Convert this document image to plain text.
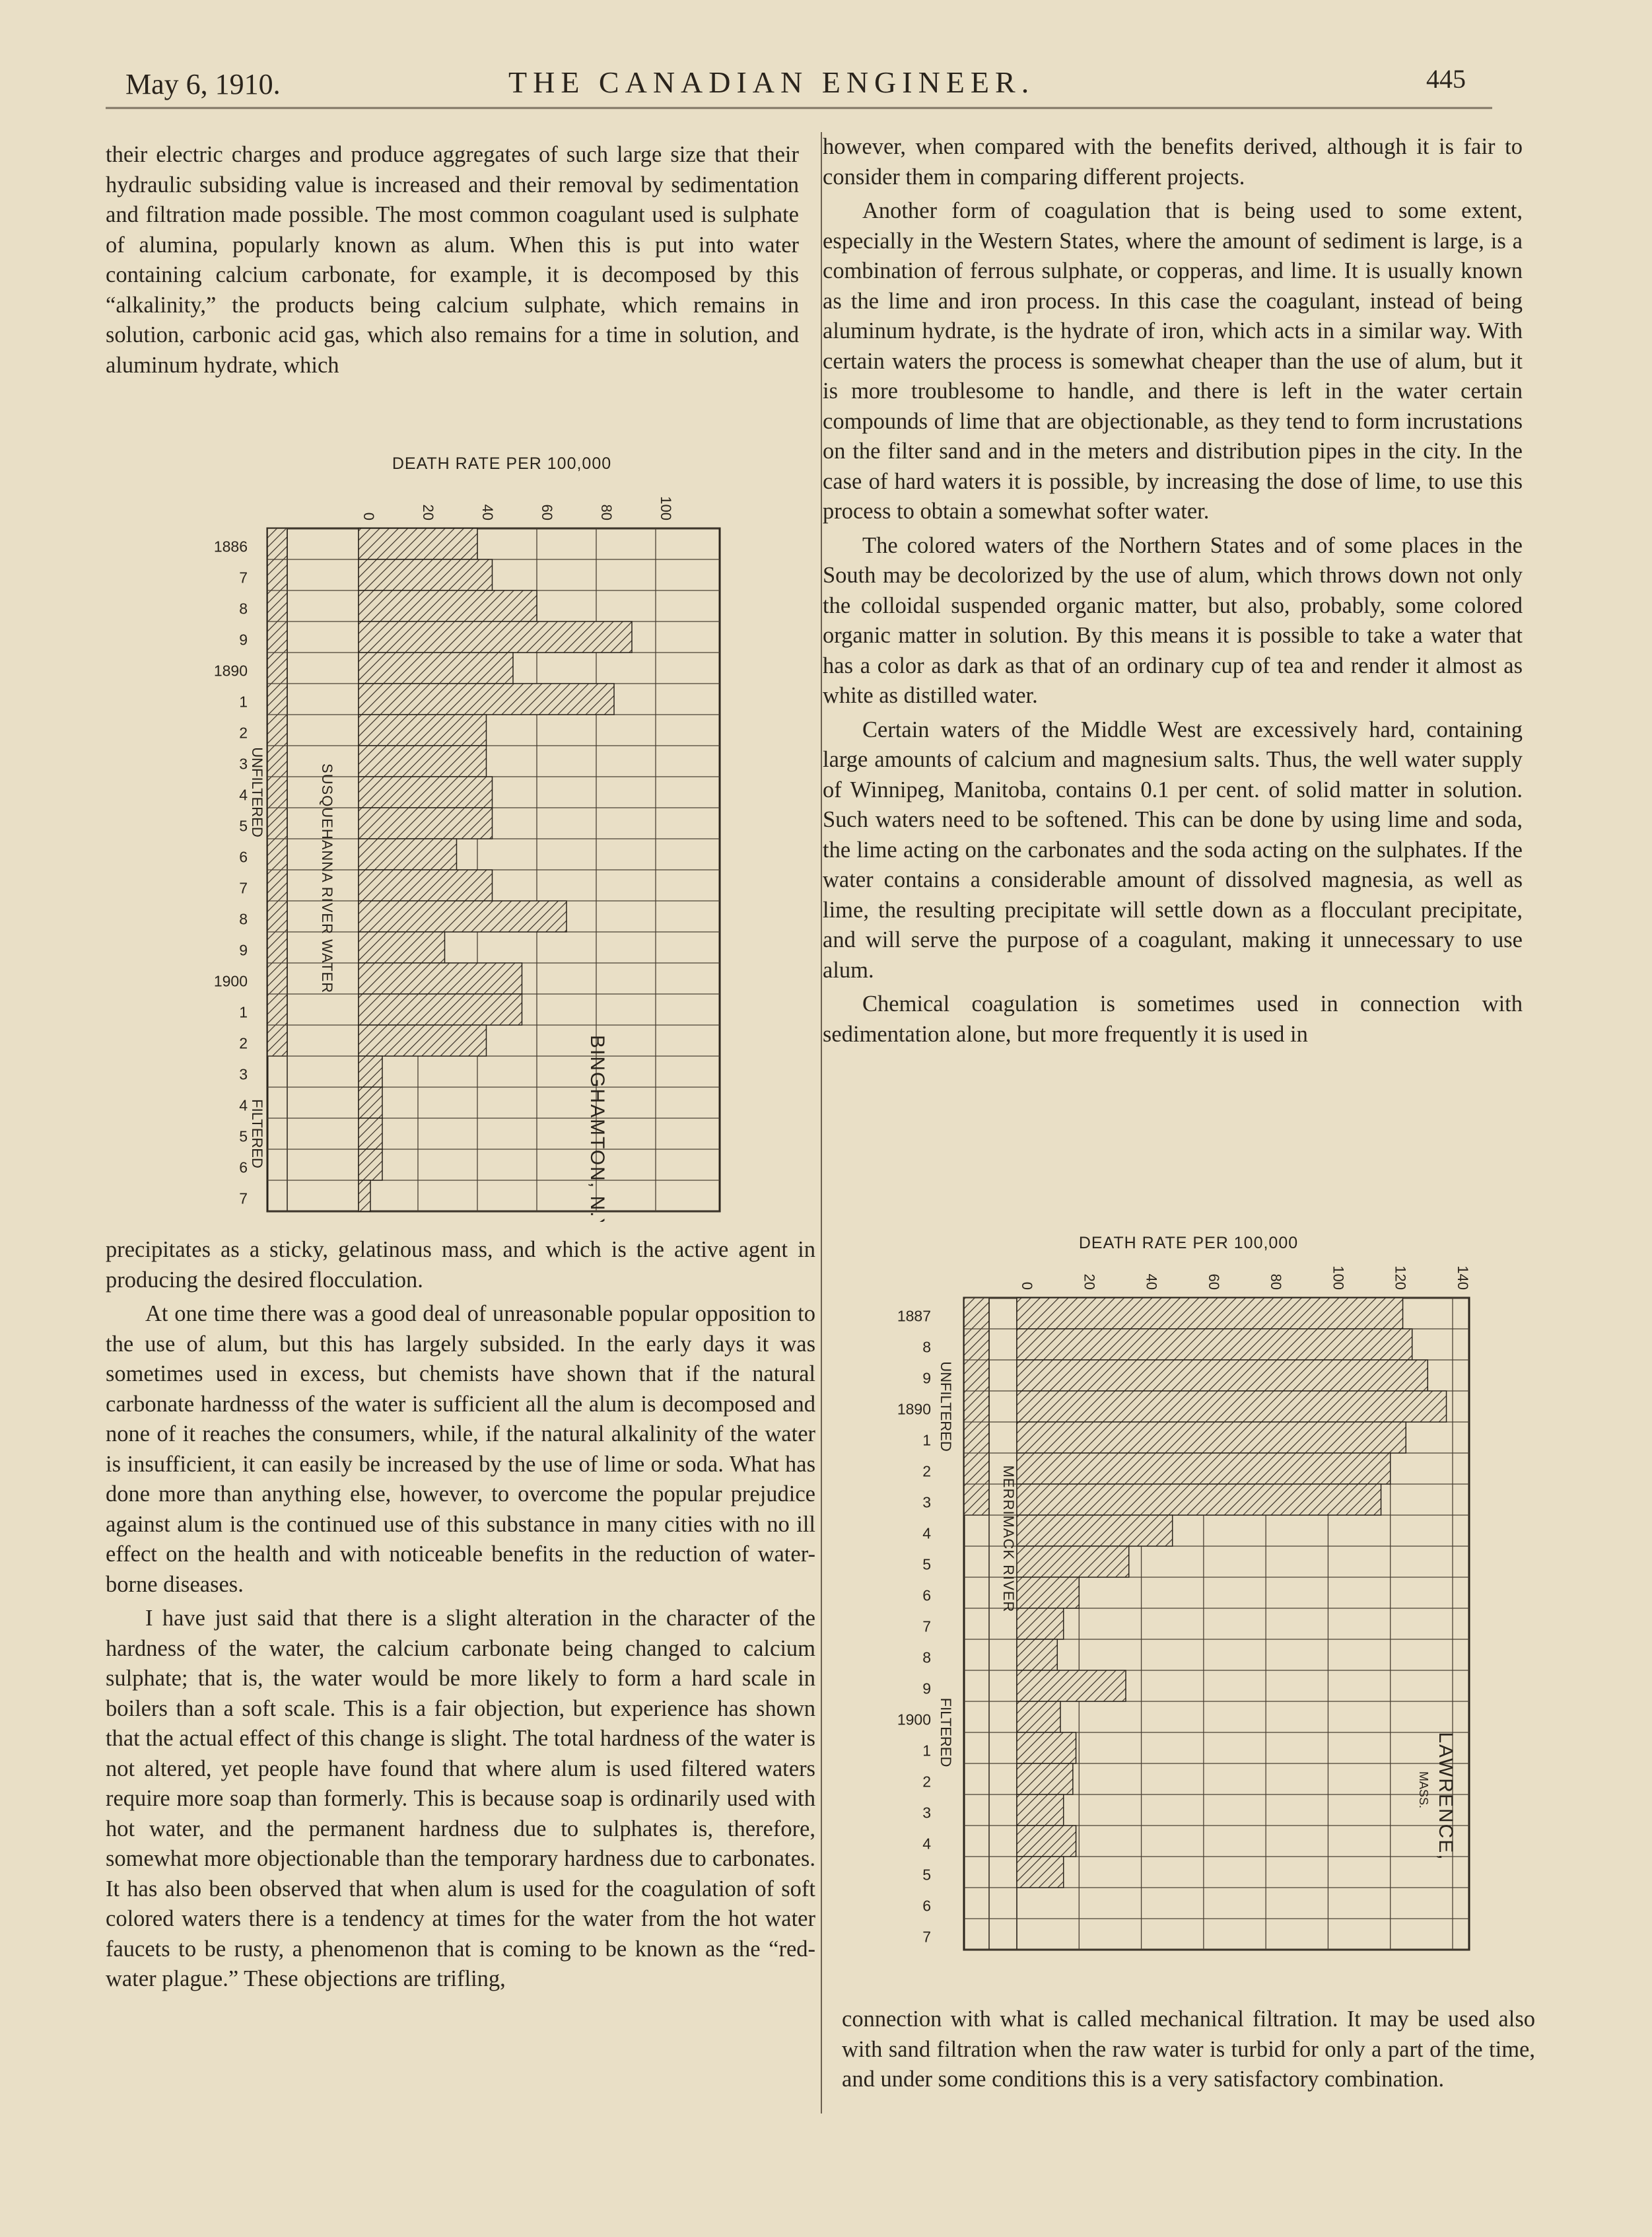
May 6, 1910.	THE CANADIAN ENGINEER.	445

their electric charges and produce aggregates of such large size that their hydraulic subsiding value is increased and their removal by sedimentation and filtration made possible. The most common coagulant used is sulphate of alumina, popularly known as alum. When this is put into water containing calcium carbonate, for example, it is decomposed by this “alkalinity,” the products being calcium sulphate, which remains in solution, carbonic acid gas, which also remains for a time in solution, and aluminum hydrate, which

DEATH RATE PER 100,000
0	20	40	60	80	100
1886
7
8
9
1890
1
2
3
4
5
6
7
8
9
1900
1
2
3
4
5
6
7
UNFILTERED
FILTERED
SUSQUEHANNA RIVER WATER
BINGHAMTON, N.Y.

precipitates as a sticky, gelatinous mass, and which is the active agent in producing the desired flocculation.

At one time there was a good deal of unreasonable popular opposition to the use of alum, but this has largely subsided. In the early days it was sometimes used in excess, but chemists have shown that if the natural carbonate hardnesss of the water is sufficient all the alum is decomposed and none of it reaches the consumers, while, if the natural alkalinity of the water is insufficient, it can easily be increased by the use of lime or soda. What has done more than anything else, however, to overcome the popular prejudice against alum is the continued use of this substance in many cities with no ill effect on the health and with noticeable benefits in the reduction of water-borne diseases.

I have just said that there is a slight alteration in the character of the hardness of the water, the calcium carbonate being changed to calcium sulphate; that is, the water would be more likely to form a hard scale in boilers than a soft scale. This is a fair objection, but experience has shown that the actual effect of this change is slight. The total hardness of the water is not altered, yet people have found that where alum is used filtered waters require more soap than formerly. This is because soap is ordinarily used with hot water, and the permanent hardness due to sulphates is, therefore, somewhat more objectionable than the temporary hardness due to carbonates. It has also been observed that when alum is used for the coagulation of soft colored waters there is a tendency at times for the water from the hot water faucets to be rusty, a phenomenon that is coming to be known as the “red-water plague.” These objections are trifling,

however, when compared with the benefits derived, although it is fair to consider them in comparing different projects.

Another form of coagulation that is being used to some extent, especially in the Western States, where the amount of sediment is large, is a combination of ferrous sulphate, or copperas, and lime. It is usually known as the lime and iron process. In this case the coagulant, instead of being aluminum hydrate, is the hydrate of iron, which acts in a similar way. With certain waters the process is somewhat cheaper than the use of alum, but it is more troublesome to handle, and there is left in the water certain compounds of lime that are objectionable, as they tend to form incrustations on the filter sand and in the meters and distribution pipes in the city. In the case of hard waters it is possible, by increasing the dose of lime, to use this process to obtain a somewhat softer water.

The colored waters of the Northern States and of some places in the South may be decolorized by the use of alum, which throws down not only the colloidal suspended organic matter, but also, probably, some colored organic matter in solution. By this means it is possible to take a water that has a color as dark as that of an ordinary cup of tea and render it almost as white as distilled water.

Certain waters of the Middle West are excessively hard, containing large amounts of calcium and magnesium salts. Thus, the well water supply of Winnipeg, Manitoba, contains 0.1 per cent. of solid matter in solution. Such waters need to be softened. This can be done by using lime and soda, the lime acting on the carbonates and the soda acting on the sulphates. If the water contains a considerable amount of dissolved magnesia, as well as lime, the resulting precipitate will settle down as a flocculant precipitate, and will serve the purpose of a coagulant, making it unnecessary to use alum.

Chemical coagulation is sometimes used in connection with sedimentation alone, but more frequently it is used in

DEATH RATE PER 100,000
0	20	40	60	80	100	120	140
1887
8
9
1890
1
2
3
4
5
6
7
8
9
1900
1
2
3
4
5
6
7
UNFILTERED
FILTERED
MERRIMACK RIVER
LAWRENCE,
MASS.

connection with what is called mechanical filtration. It may be used also with sand filtration when the raw water is turbid for only a part of the time, and under some conditions this is a very satisfactory combination.
